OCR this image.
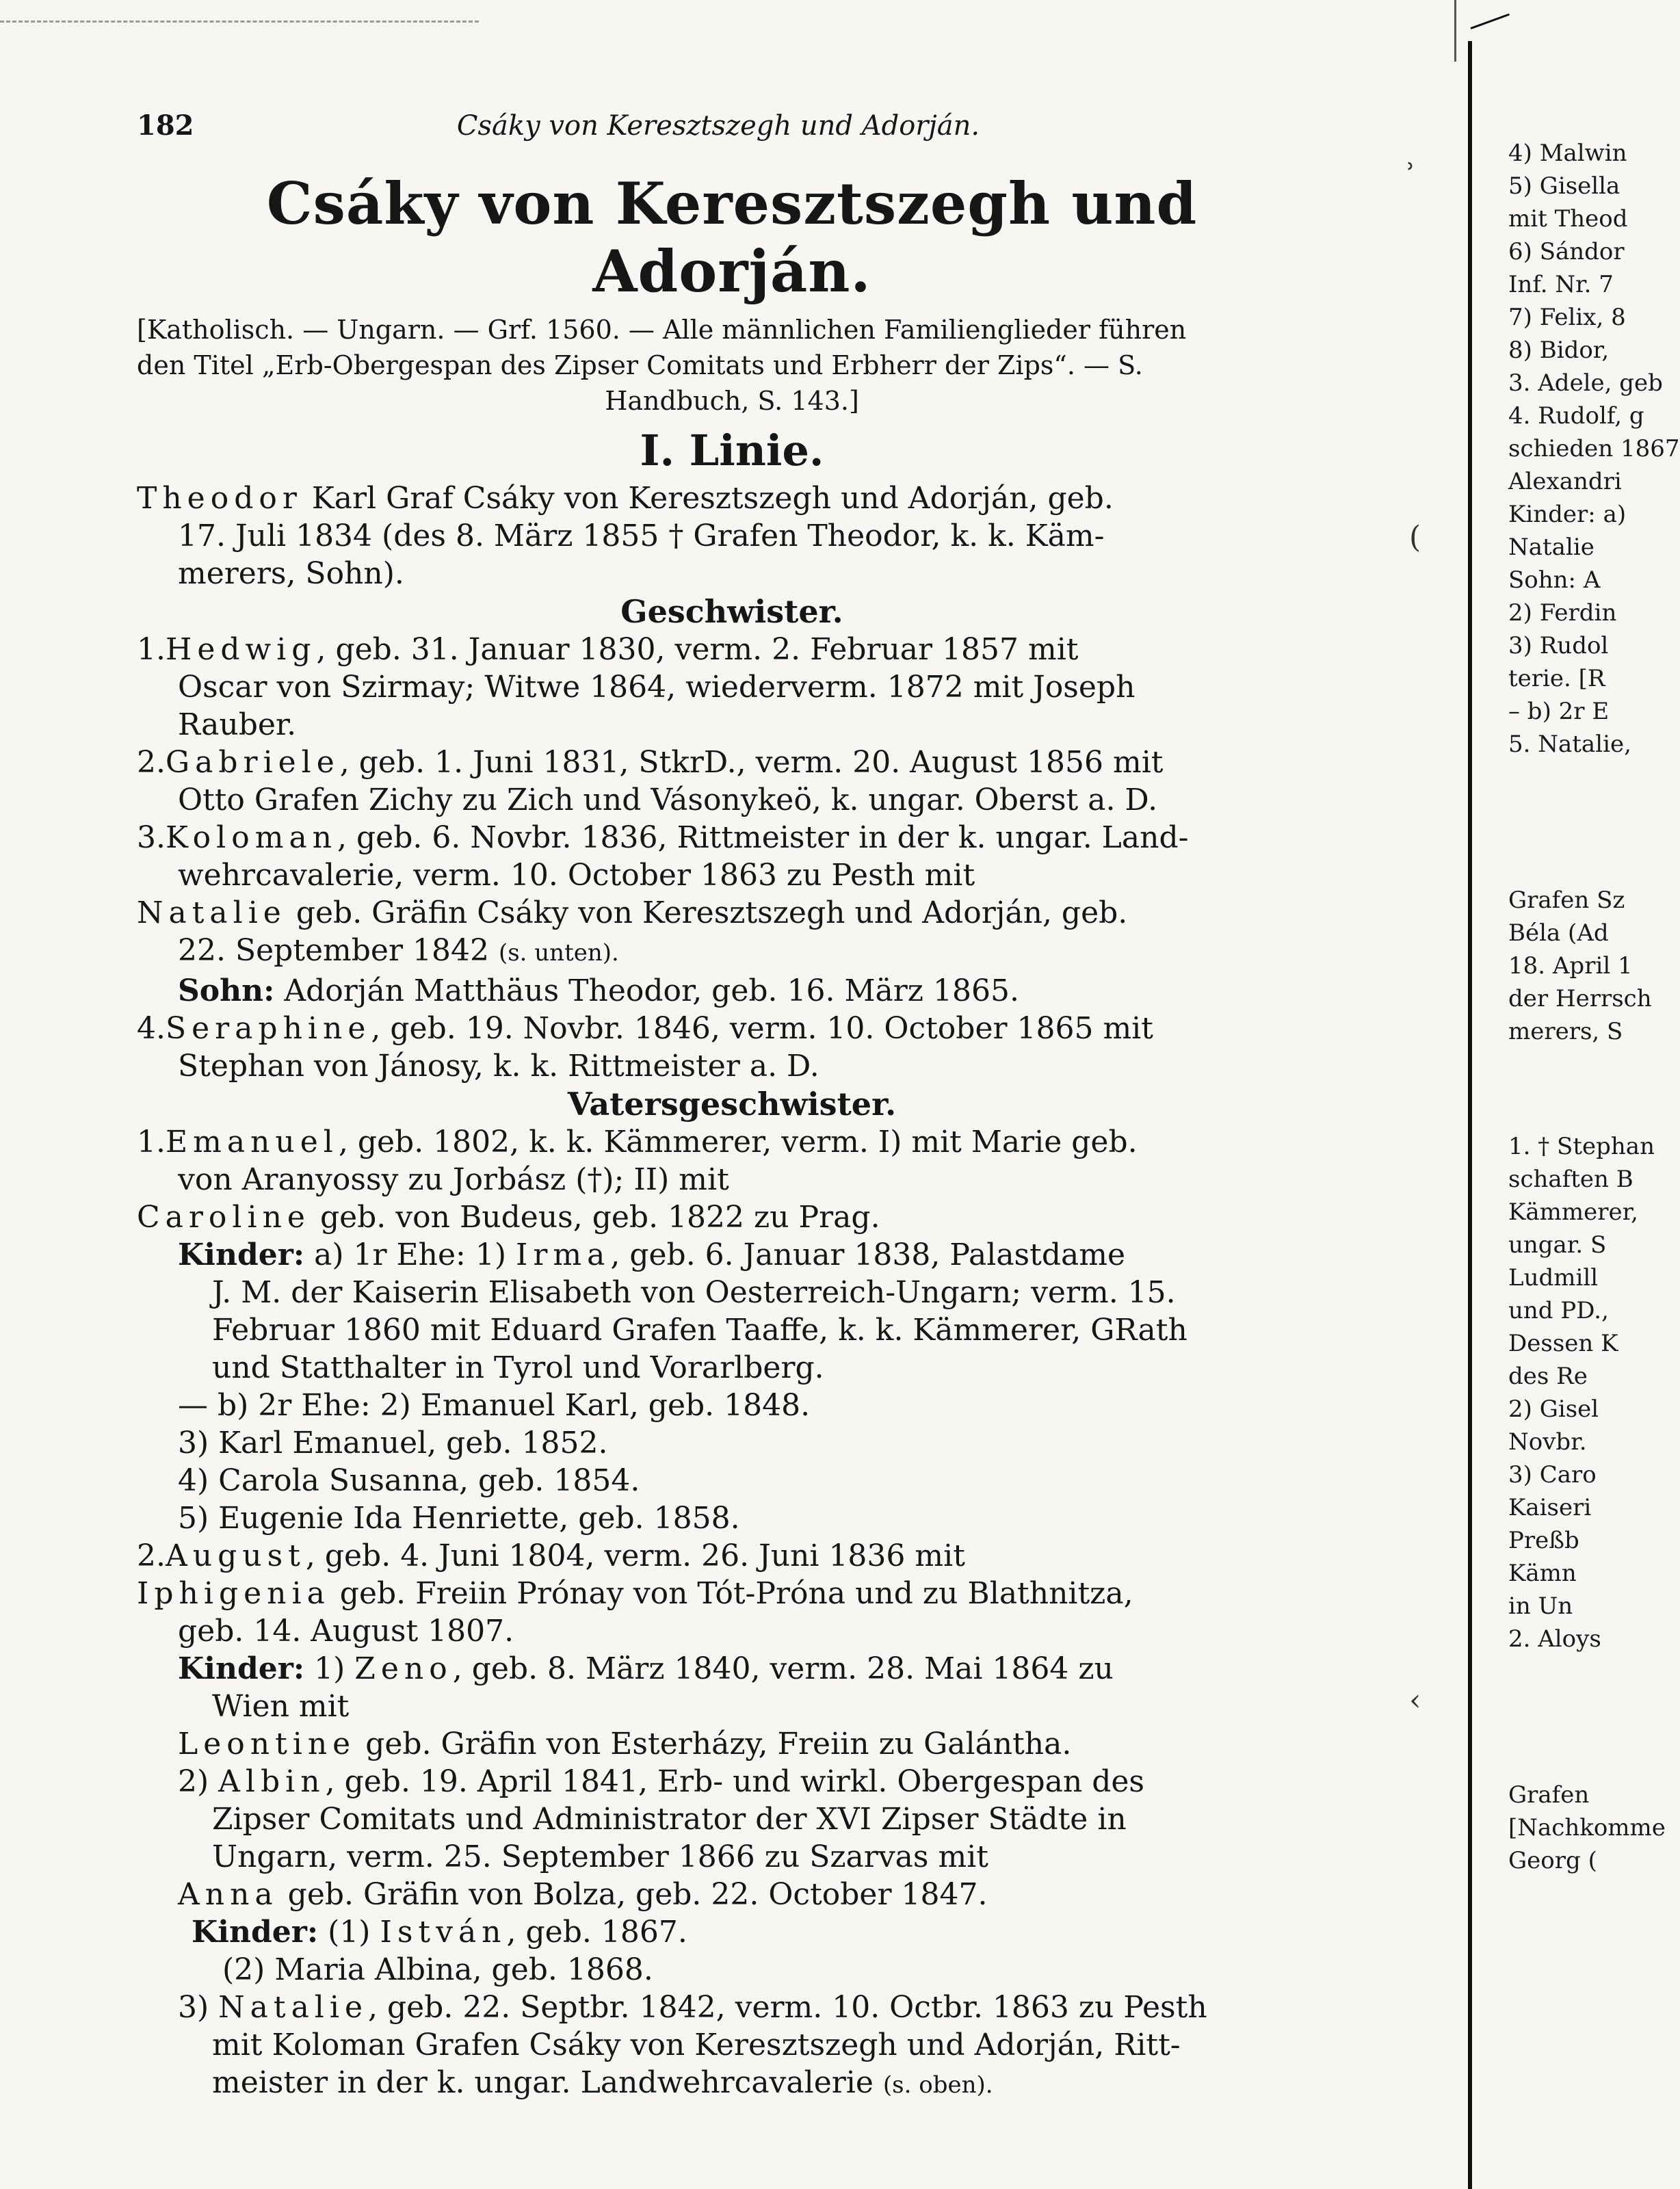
ʾ
(
‹
182	Csáky von Keresztszegh und Adorján.
Csáky von Keresztszegh und Adorján.
[Katholisch. — Ungarn. — Grf. 1560. — Alle männlichen Familienglieder führen
den Titel „Erb-Obergespan des Zipser Comitats und Erbherr der Zips“. — S.
Handbuch, S. 143.]
I. Linie.

Theodor Karl Graf Csáky von Keresztszegh und Adorján, geb.
17. Juli 1834 (des 8. März 1855 † Grafen Theodor, k. k. Käm-
merers, Sohn).

Geschwister.

1.Hedwig, geb. 31. Januar 1830, verm. 2. Februar 1857 mit
Oscar von Szirmay; Witwe 1864, wiederverm. 1872 mit Joseph
Rauber.

2.Gabriele, geb. 1. Juni 1831, StkrD., verm. 20. August 1856 mit
Otto Grafen Zichy zu Zich und Vásonykeö, k. ungar. Oberst a. D.

3.Koloman, geb. 6. Novbr. 1836, Rittmeister in der k. ungar. Land-
wehrcavalerie, verm. 10. October 1863 zu Pesth mit

Natalie geb. Gräfin Csáky von Keresztszegh und Adorján, geb.
22. September 1842 (s. unten).

Sohn: Adorján Matthäus Theodor, geb. 16. März 1865.

4.Seraphine, geb. 19. Novbr. 1846, verm. 10. October 1865 mit
Stephan von Jánosy, k. k. Rittmeister a. D.

Vatersgeschwister.

1.Emanuel, geb. 1802, k. k. Kämmerer, verm. I) mit Marie geb.
von Aranyossy zu Jorbász (†); II) mit

Caroline geb. von Budeus, geb. 1822 zu Prag.

Kinder: a) 1r Ehe: 1) Irma, geb. 6. Januar 1838, Palastdame
J. M. der Kaiserin Elisabeth von Oesterreich-Ungarn; verm. 15.
Februar 1860 mit Eduard Grafen Taaffe, k. k. Kämmerer, GRath
und Statthalter in Tyrol und Vorarlberg.

— b) 2r Ehe: 2) Emanuel Karl, geb. 1848.

3) Karl Emanuel, geb. 1852.

4) Carola Susanna, geb. 1854.

5) Eugenie Ida Henriette, geb. 1858.

2.August, geb. 4. Juni 1804, verm. 26. Juni 1836 mit

Iphigenia geb. Freiin Prónay von Tót-Próna und zu Blathnitza,
geb. 14. August 1807.

Kinder: 1) Zeno, geb. 8. März 1840, verm. 28. Mai 1864 zu
Wien mit

Leontine geb. Gräfin von Esterházy, Freiin zu Galántha.

2) Albin, geb. 19. April 1841, Erb- und wirkl. Obergespan des
Zipser Comitats und Administrator der XVI Zipser Städte in
Ungarn, verm. 25. September 1866 zu Szarvas mit

Anna geb. Gräfin von Bolza, geb. 22. October 1847.

Kinder: (1) István, geb. 1867.

(2) Maria Albina, geb. 1868.

3) Natalie, geb. 22. Septbr. 1842, verm. 10. Octbr. 1863 zu Pesth
mit Koloman Grafen Csáky von Keresztszegh und Adorján, Ritt-
meister in der k. ungar. Landwehrcavalerie (s. oben).

4) Malwin
5) Gisella
mit Theod
6) Sándor
Inf. Nr. 7
7) Felix, 8
8) Bidor,
3. Adele, geb
4. Rudolf, g
schieden 1867
Alexandri
Kinder: a)
Natalie
Sohn: A
2) Ferdin
3) Rudol
terie. [R
– b) 2r E
5. Natalie,
Grafen Sz
Béla (Ad
18. April 1
der Herrsch
merers, S
1. † Stephan
schaften B
Kämmerer,
ungar. S
Ludmill
und PD.,
Dessen K
des Re
2) Gisel
Novbr.
3) Caro
Kaiseri
Preßb
Kämn
in Un
2. Aloys
Grafen
[Nachkomme
Georg (
